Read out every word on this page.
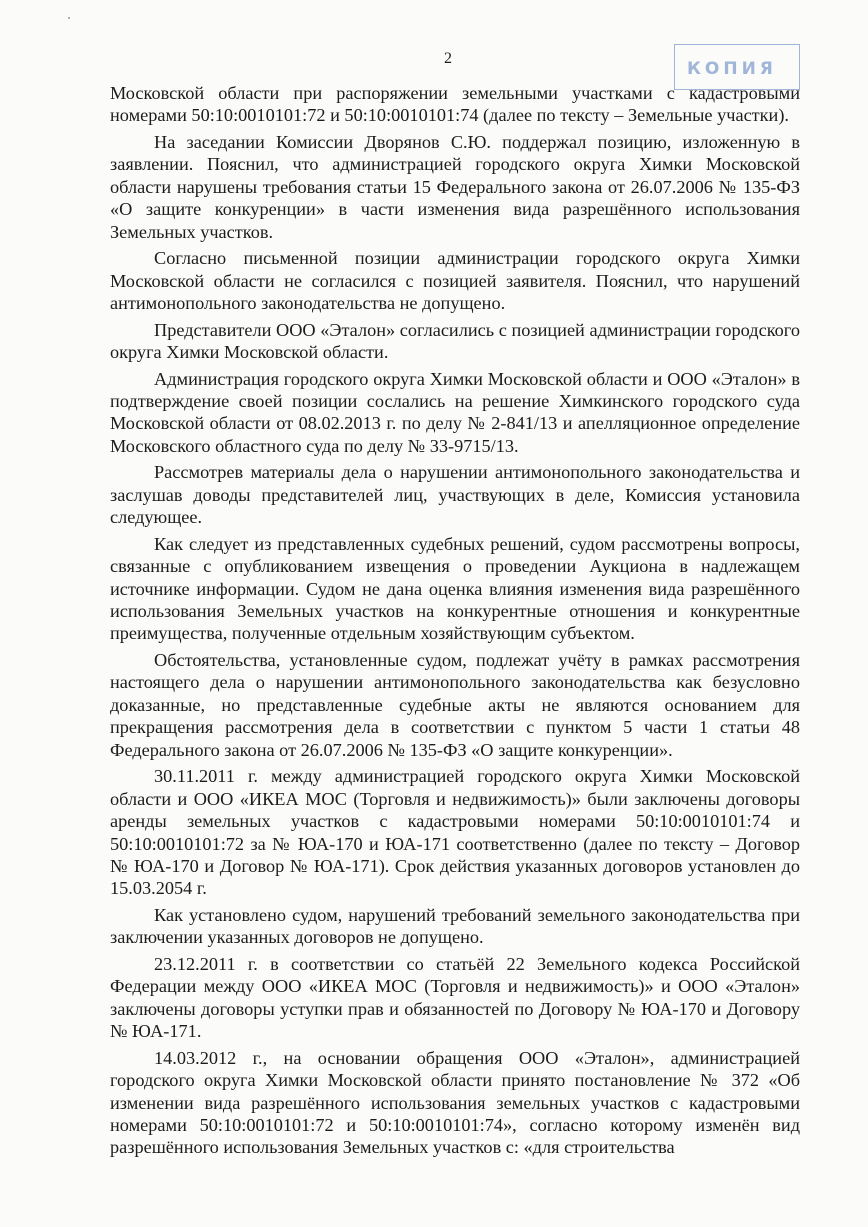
2
КОПИЯ

Московской области при распоряжении земельными участками с кадастровыми номерами 50:10:0010101:72 и 50:10:0010101:74 (далее по тексту – Земельные участки).

На заседании Комиссии Дворянов С.Ю. поддержал позицию, изложенную в заявлении. Пояснил, что администрацией городского округа Химки Московской области нарушены требования статьи 15 Федерального закона от 26.07.2006 № 135-ФЗ «О защите конкуренции» в части изменения вида разрешённого использования Земельных участков.

Согласно письменной позиции администрации городского округа Химки Московской области не согласился с позицией заявителя. Пояснил, что нарушений антимонопольного законодательства не допущено.

Представители ООО «Эталон» согласились с позицией администрации городского округа Химки Московской области.

Администрация городского округа Химки Московской области и ООО «Эталон» в подтверждение своей позиции сослались на решение Химкинского городского суда Московской области от 08.02.2013 г. по делу № 2-841/13 и апелляционное определение Московского областного суда по делу № 33-9715/13.

Рассмотрев материалы дела о нарушении антимонопольного законодательства и заслушав доводы представителей лиц, участвующих в деле, Комиссия установила следующее.

Как следует из представленных судебных решений, судом рассмотрены вопросы, связанные с опубликованием извещения о проведении Аукциона в надлежащем источнике информации. Судом не дана оценка влияния изменения вида разрешённого использования Земельных участков на конкурентные отношения и конкурентные преимущества, полученные отдельным хозяйствующим субъектом.

Обстоятельства, установленные судом, подлежат учёту в рамках рассмотрения настоящего дела о нарушении антимонопольного законодательства как безусловно доказанные, но представленные судебные акты не являются основанием для прекращения рассмотрения дела в соответствии с пунктом 5 части 1 статьи 48 Федерального закона от 26.07.2006 № 135-ФЗ «О защите конкуренции».

30.11.2011 г. между администрацией городского округа Химки Московской области и ООО «ИКЕА МОС (Торговля и недвижимость)» были заключены договоры аренды земельных участков с кадастровыми номерами 50:10:0010101:74 и 50:10:0010101:72 за № ЮА-170 и ЮА-171 соответственно (далее по тексту – Договор № ЮА-170 и Договор № ЮА-171). Срок действия указанных договоров установлен до 15.03.2054 г.

Как установлено судом, нарушений требований земельного законодательства при заключении указанных договоров не допущено.

23.12.2011 г. в соответствии со статьёй 22 Земельного кодекса Российской Федерации между ООО «ИКЕА МОС (Торговля и недвижимость)» и ООО «Эталон» заключены договоры уступки прав и обязанностей по Договору № ЮА-170 и Договору № ЮА-171.

14.03.2012 г., на основании обращения ООО «Эталон», администрацией городского округа Химки Московской области принято постановление № 372 «Об изменении вида разрешённого использования земельных участков с кадастровыми номерами 50:10:0010101:72 и 50:10:0010101:74», согласно которому изменён вид разрешённого использования Земельных участков с: «для строительства
